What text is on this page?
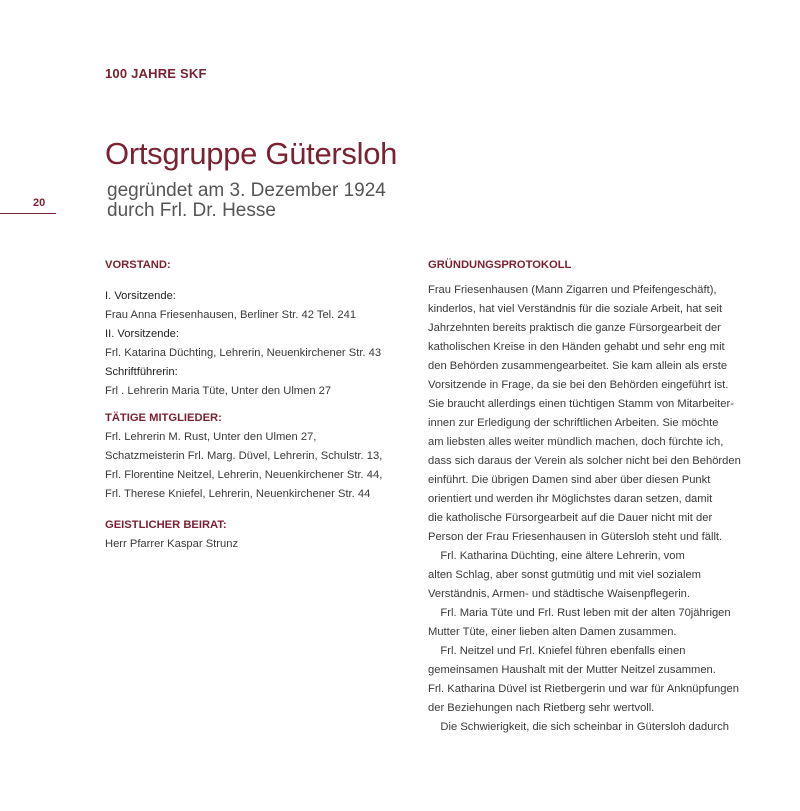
100 JAHRE SKF
20
Ortsgruppe Gütersloh
gegründet am 3. Dezember 1924
durch Frl. Dr. Hesse
VORSTAND:
I. Vorsitzende:
Frau Anna Friesenhausen, Berliner Str. 42 Tel. 241
II. Vorsitzende:
Frl. Katarina Düchting, Lehrerin, Neuenkirchener Str. 43
Schriftführerin:
Frl . Lehrerin Maria Tüte, Unter den Ulmen 27
TÄTIGE MITGLIEDER:
Frl. Lehrerin M. Rust, Unter den Ulmen 27,
Schatzmeisterin Frl. Marg. Düvel, Lehrerin, Schulstr. 13,
Frl. Florentine Neitzel, Lehrerin, Neuenkirchener Str. 44,
Frl. Therese Kniefel, Lehrerin, Neuenkirchener Str. 44
GEISTLICHER BEIRAT:
Herr Pfarrer Kaspar Strunz
GRÜNDUNGSPROTOKOLL
Frau Friesenhausen (Mann Zigarren und Pfeifengeschäft),
kinderlos, hat viel Verständnis für die soziale Arbeit, hat seit
Jahrzehnten bereits praktisch die ganze Fürsorgearbeit der
katholischen Kreise in den Händen gehabt und sehr eng mit
den Behörden zusammengearbeitet. Sie kam allein als erste
Vorsitzende in Frage, da sie bei den Behörden eingeführt ist.
Sie braucht allerdings einen tüchtigen Stamm von Mitarbeiter-
innen zur Erledigung der schriftlichen Arbeiten. Sie möchte
am liebsten alles weiter mündlich machen, doch fürchte ich,
dass sich daraus der Verein als solcher nicht bei den Behörden
einführt. Die übrigen Damen sind aber über diesen Punkt
orientiert und werden ihr Möglichstes daran setzen, damit
die katholische Fürsorgearbeit auf die Dauer nicht mit der
Person der Frau Friesenhausen in Gütersloh steht und fällt.
Frl. Katharina Düchting, eine ältere Lehrerin, vom
alten Schlag, aber sonst gutmütig und mit viel sozialem
Verständnis, Armen- und städtische Waisenpflegerin.
Frl. Maria Tüte und Frl. Rust leben mit der alten 70jährigen
Mutter Tüte, einer lieben alten Damen zusammen.
Frl. Neitzel und Frl. Kniefel führen ebenfalls einen
gemeinsamen Haushalt mit der Mutter Neitzel zusammen.
Frl. Katharina Düvel ist Rietbergerin und war für Anknüpfungen
der Beziehungen nach Rietberg sehr wertvoll.
Die Schwierigkeit, die sich scheinbar in Gütersloh dadurch
